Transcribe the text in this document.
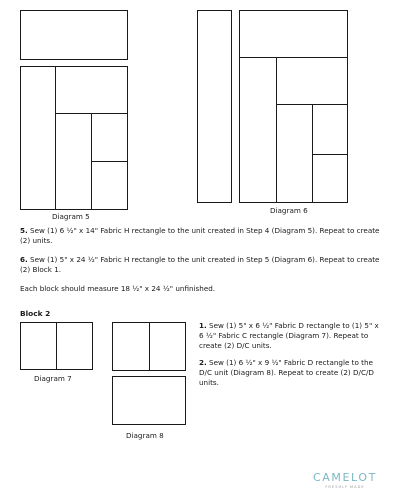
Diagram 5
Diagram 6
5. Sew (1) 6 ½" x 14" Fabric H rectangle to the unit created in Step 4 (Diagram 5). Repeat to create (2) units.
6. Sew (1) 5" x 24 ½" Fabric H rectangle to the unit created in Step 5 (Diagram 6). Repeat to create (2) Block 1.
Each block should measure 18 ½" x 24 ½" unfinished.
Block 2
Diagram 7
Diagram 8
1. Sew (1) 5" x 6 ½" Fabric D rectangle to (1) 5" x 6 ½" Fabric C rectangle (Diagram 7). Repeat to create (2) D/C units.
2. Sew (1) 6 ½" x 9 ½" Fabric D rectangle to the D/C unit (Diagram 8). Repeat to create (2) D/C/D units.
CAMELOT
FRESHLY MADE
